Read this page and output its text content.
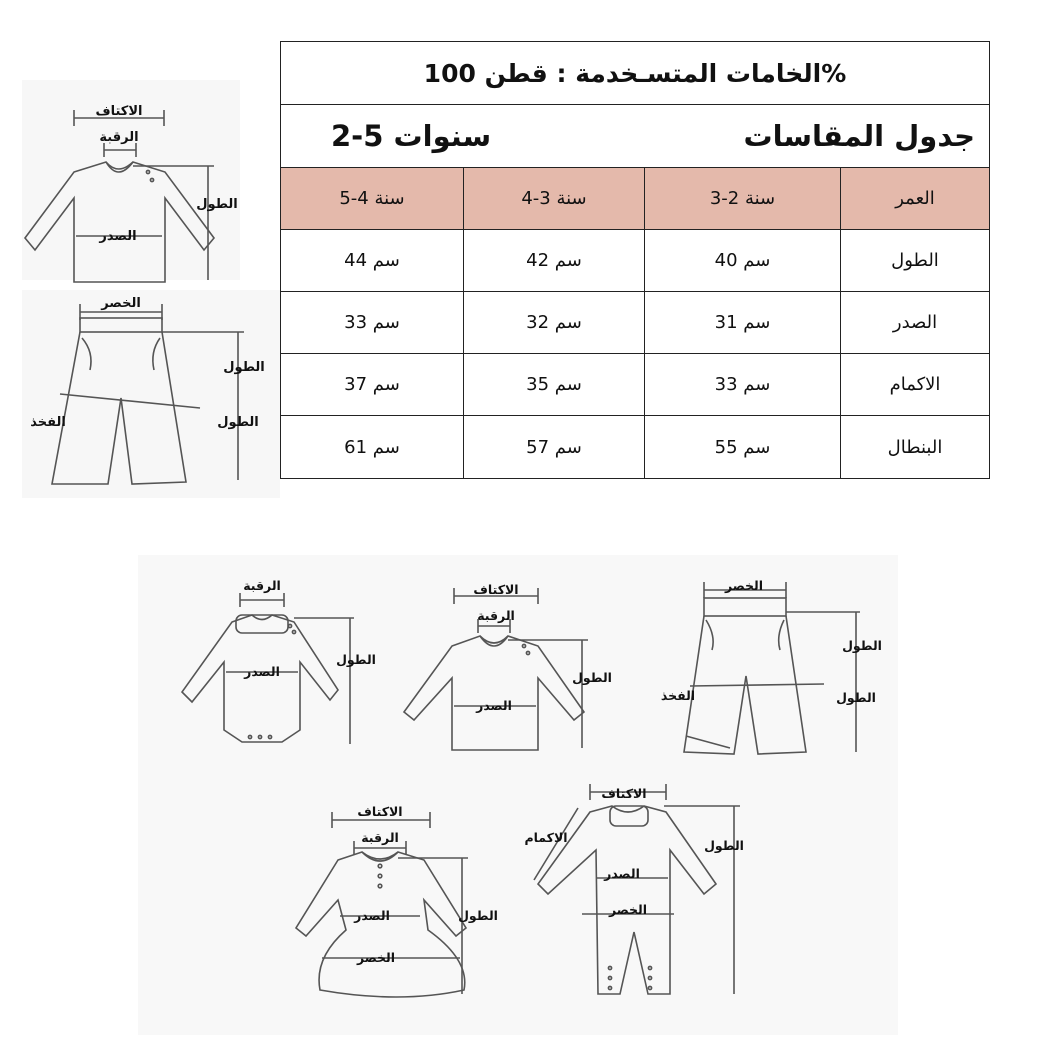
الاكتاف
الرقبة
الطول
الصدر
الخصر
الطول
الفخذ	الطول
الخامات المتسـخدمة : قطن 100%
جدول المقاسات
2-5 سنوات
5-4 سنة	4-3 سنة	3-2 سنة	العمر
44 سم	42 سم	40 سم	الطول
33 سم	32 سم	31 سم	الصدر
37 سم	35 سم	33 سم	الاكمام
61 سم	57 سم	55 سم	البنطال
الرقبة
الطول
الصدر
الاكتاف
الرقبة
الطول
الصدر
الخصر
الطول
الفخذ	الطول
الاكتاف
الرقبة
الصدر	الطول
الخصر
الاكتاف
الاكمام
الطول
الصدر
الخصر
